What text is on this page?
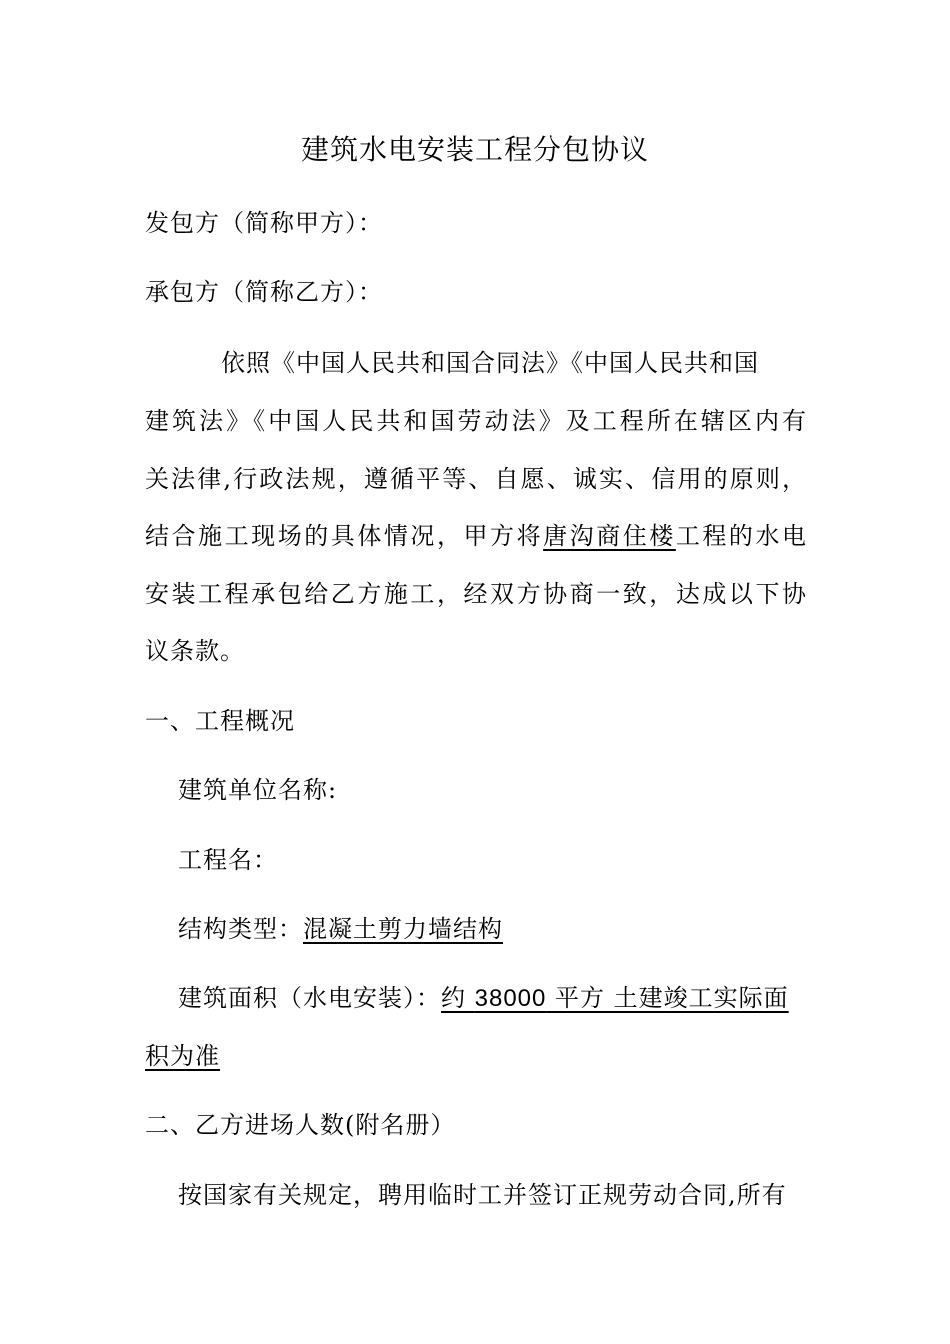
建筑水电安装工程分包协议
发包方（简称甲方）：
承包方（简称乙方）：
依照《中国人民共和国合同法》《中国人民共和国
建筑法》《中国人民共和国劳动法》及工程所在辖区内有
关法律,行政法规，遵循平等、自愿、诚实、信用的原则，
结合施工现场的具体情况，甲方将唐沟商住楼工程的水电
安装工程承包给乙方施工，经双方协商一致，达成以下协
议条款。
一、工程概况
建筑单位名称:
工程名：
结构类型：混凝土剪力墙结构
建筑面积（水电安装）：约 38000 平方 土建竣工实际面
积为准
二、乙方进场人数(附名册）
按国家有关规定，聘用临时工并签订正规劳动合同,所有
